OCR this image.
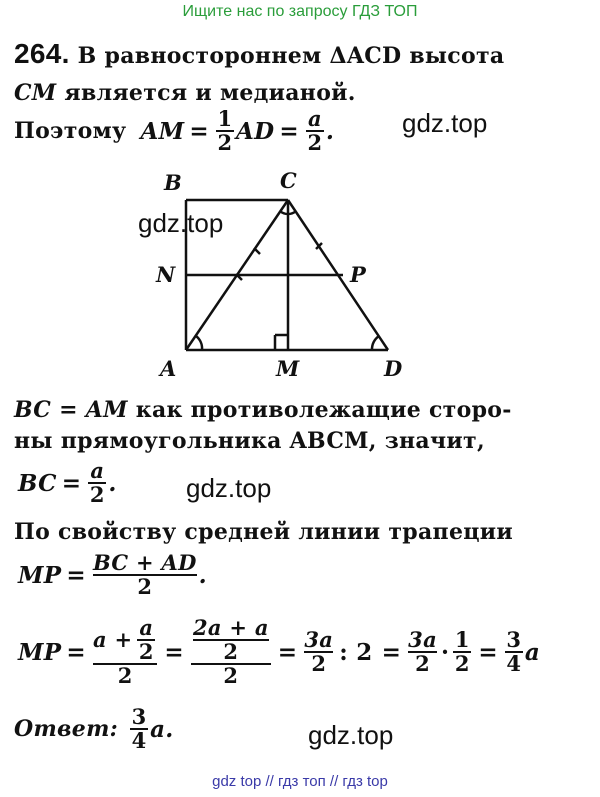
Ищите нас по запросу ГДЗ ТОП
264. В равностороннем ΔACD высота
CM является и медианой.
Поэтому AM = $\frac{1}{2}$ AD = $\frac{a}{2}$ .	gdz.top
B	C
N	P
A	M	D
gdz.top
BC = AM как противолежащие сторо-
ны прямоугольника ABCM, значит,
BC = $\frac{a}{2}$ .	gdz.top
По свойству средней линии трапеции
MP = $\frac{BC + AD}{2}$ .
MP = $\frac{a + \frac{a}{2}}{2} = \frac{\frac{2a + a}{2}}{2} = \frac{3a}{2}$ : $2 = \frac{3a}{2} \cdot \frac{1}{2} = \frac{3}{4}$ a
Ответ: $\frac{3}{4}$ a .	gdz.top
gdz top // гдз топ // гдз top
